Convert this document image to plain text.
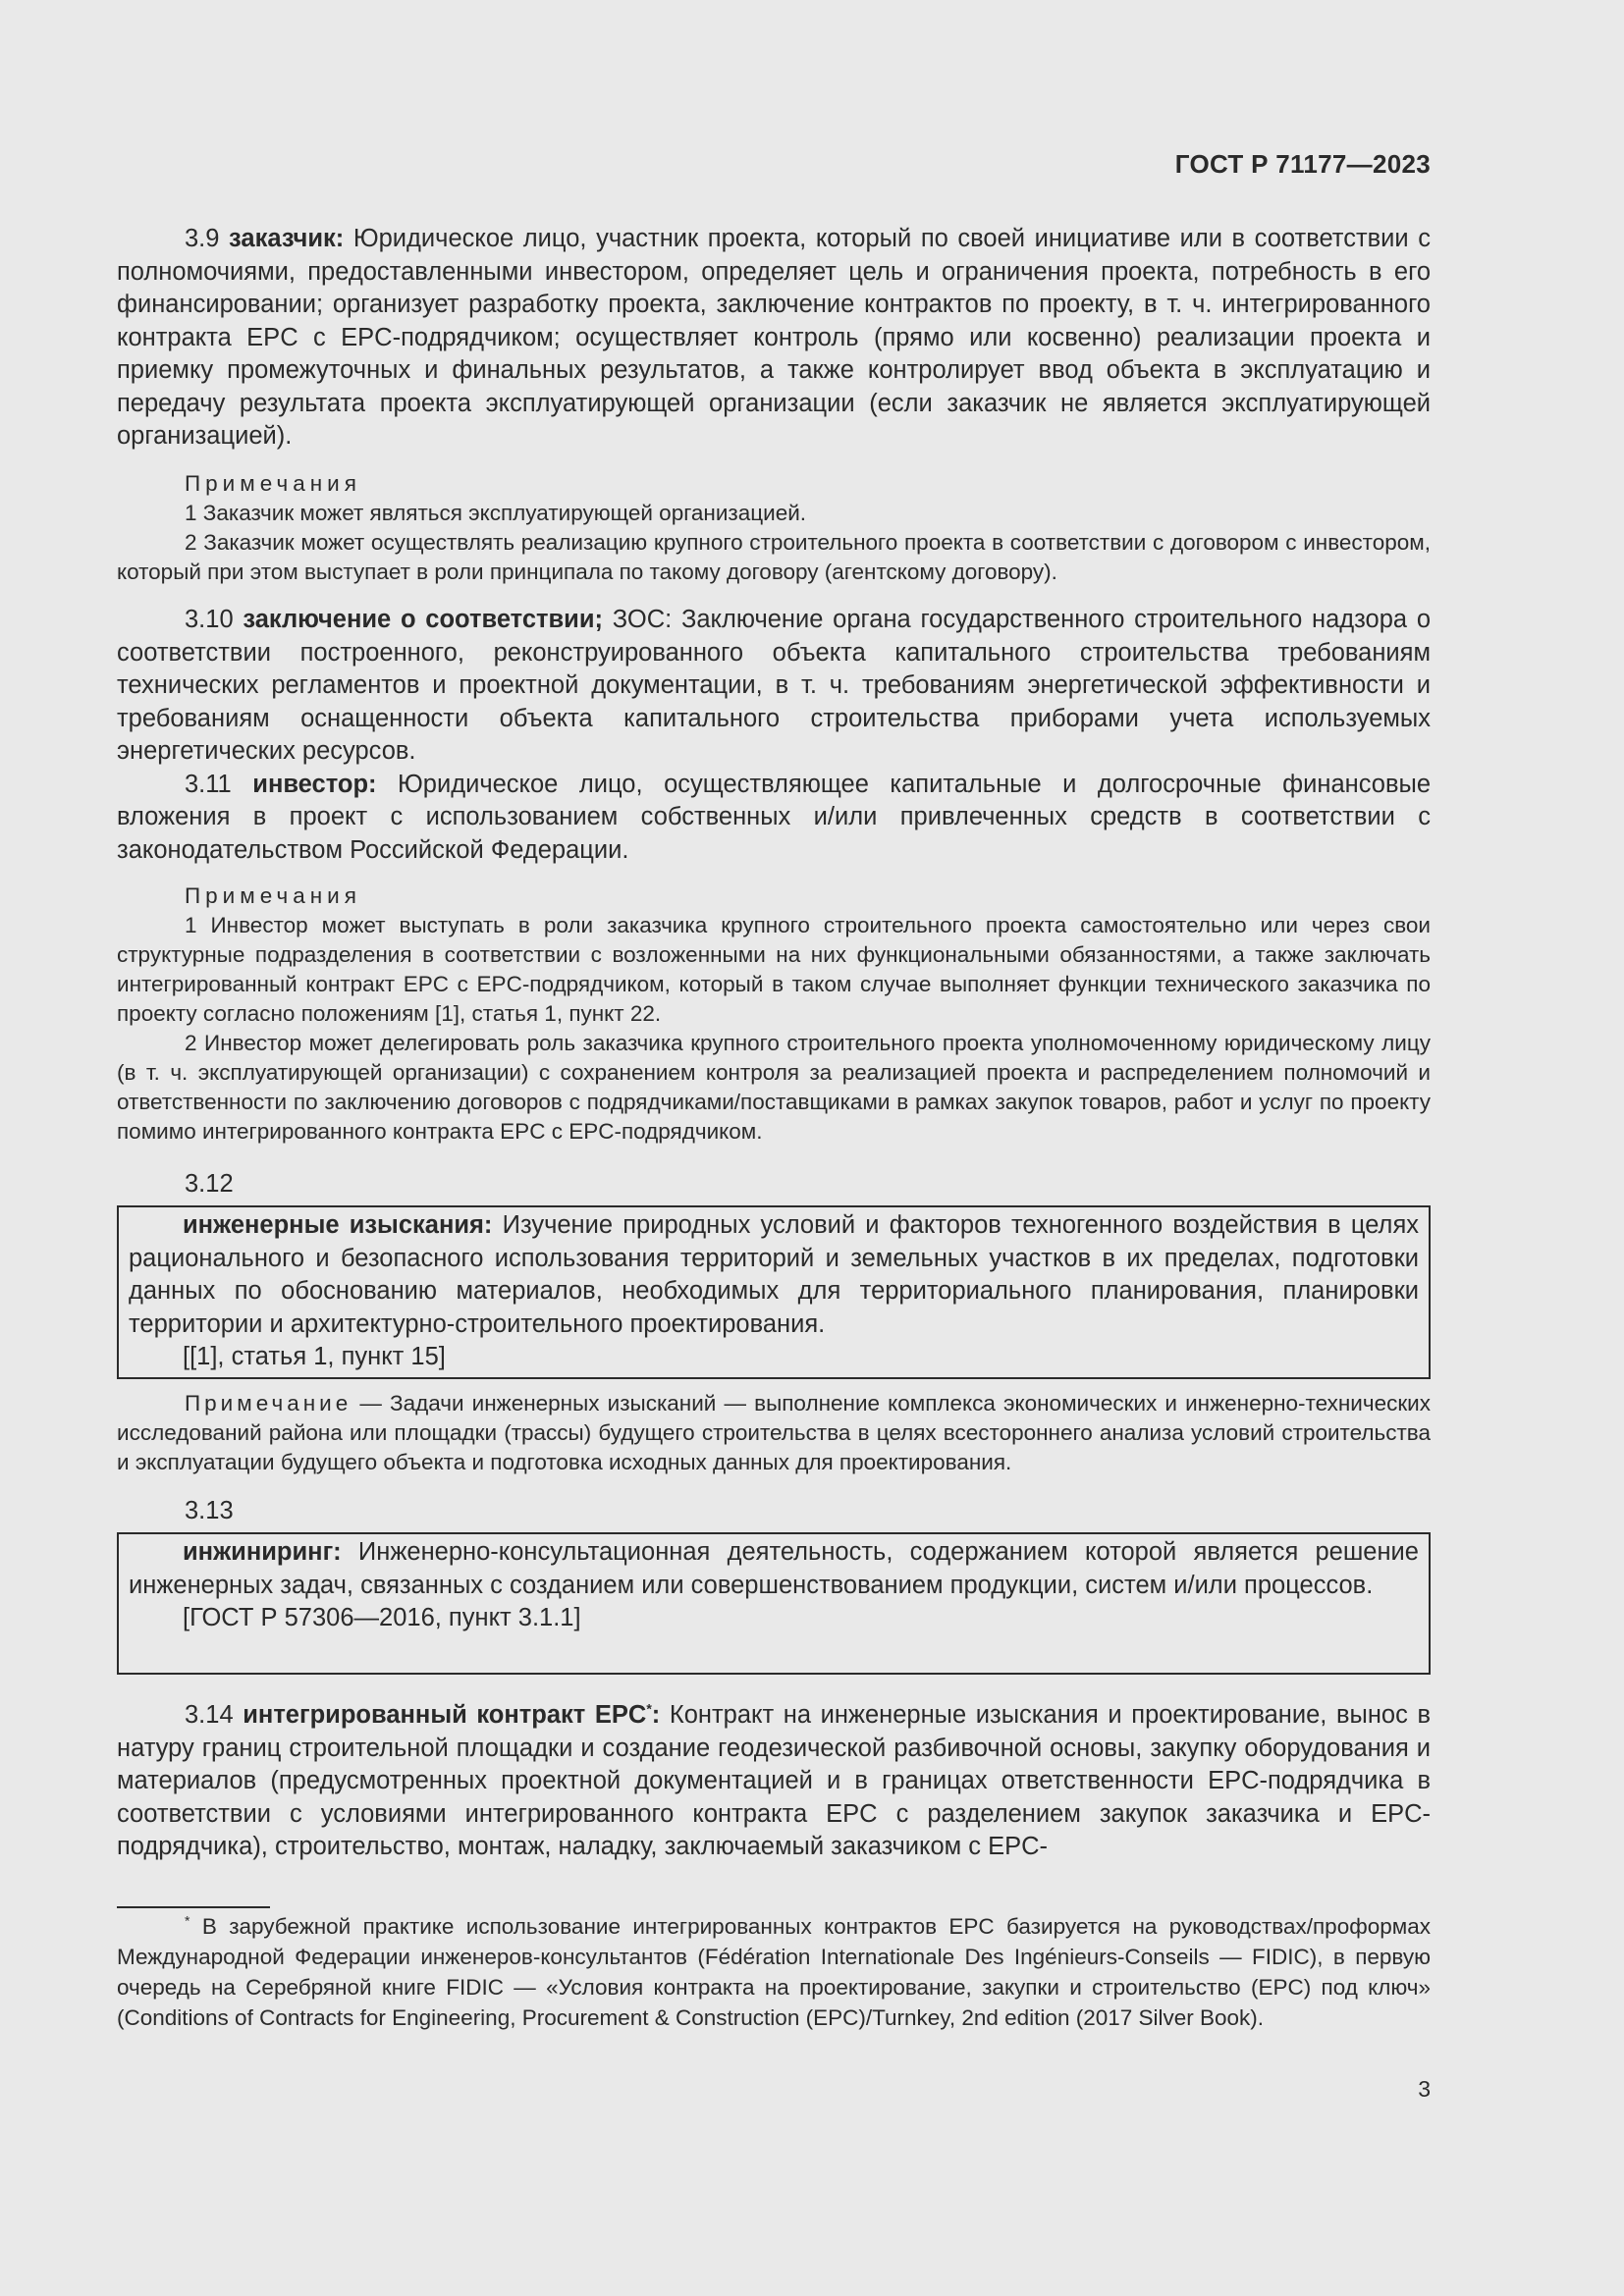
ГОСТ Р 71177—2023

3.9 заказчик: Юридическое лицо, участник проекта, который по своей инициативе или в соответствии с полномочиями, предоставленными инвестором, определяет цель и ограничения проекта, потребность в его финансировании; организует разработку проекта, заключение контрактов по проекту, в т. ч. интегрированного контракта EPC с EPC-подрядчиком; осуществляет контроль (прямо или косвенно) реализации проекта и приемку промежуточных и финальных результатов, а также контролирует ввод объекта в эксплуатацию и передачу результата проекта эксплуатирующей организации (если заказчик не является эксплуатирующей организацией).

Примечания

1 Заказчик может являться эксплуатирующей организацией.

2 Заказчик может осуществлять реализацию крупного строительного проекта в соответствии с договором с инвестором, который при этом выступает в роли принципала по такому договору (агентскому договору).

3.10 заключение о соответствии; ЗОС: Заключение органа государственного строительного надзора о соответствии построенного, реконструированного объекта капитального строительства требованиям технических регламентов и проектной документации, в т. ч. требованиям энергетической эффективности и требованиям оснащенности объекта капитального строительства приборами учета используемых энергетических ресурсов.

3.11 инвестор: Юридическое лицо, осуществляющее капитальные и долгосрочные финансовые вложения в проект с использованием собственных и/или привлеченных средств в соответствии с законодательством Российской Федерации.

Примечания

1 Инвестор может выступать в роли заказчика крупного строительного проекта самостоятельно или через свои структурные подразделения в соответствии с возложенными на них функциональными обязанностями, а также заключать интегрированный контракт EPC с EPC-подрядчиком, который в таком случае выполняет функции технического заказчика по проекту согласно положениям [1], статья 1, пункт 22.

2 Инвестор может делегировать роль заказчика крупного строительного проекта уполномоченному юридическому лицу (в т. ч. эксплуатирующей организации) с сохранением контроля за реализацией проекта и распределением полномочий и ответственности по заключению договоров с подрядчиками/поставщиками в рамках закупок товаров, работ и услуг по проекту помимо интегрированного контракта EPC с EPC-подрядчиком.

3.12

инженерные изыскания: Изучение природных условий и факторов техногенного воздействия в целях рационального и безопасного использования территорий и земельных участков в их пределах, подготовки данных по обоснованию материалов, необходимых для территориального планирования, планировки территории и архитектурно-строительного проектирования.

[[1], статья 1, пункт 15]

Примечание — Задачи инженерных изысканий — выполнение комплекса экономических и инженерно-технических исследований района или площадки (трассы) будущего строительства в целях всестороннего анализа условий строительства и эксплуатации будущего объекта и подготовка исходных данных для проектирования.

3.13

инжиниринг: Инженерно-консультационная деятельность, содержанием которой является решение инженерных задач, связанных с созданием или совершенствованием продукции, систем и/или процессов.

[ГОСТ Р 57306—2016, пункт 3.1.1]

3.14 интегрированный контракт EPC*: Контракт на инженерные изыскания и проектирование, вынос в натуру границ строительной площадки и создание геодезической разбивочной основы, закупку оборудования и материалов (предусмотренных проектной документацией и в границах ответственности EPC-подрядчика в соответствии с условиями интегрированного контракта EPC с разделением закупок заказчика и EPC-подрядчика), строительство, монтаж, наладку, заключаемый заказчиком с EPC-

* В зарубежной практике использование интегрированных контрактов EPC базируется на руководствах/проформах Международной Федерации инженеров-консультантов (Fédération Internationale Des Ingénieurs-Conseils — FIDIC), в первую очередь на Серебряной книге FIDIC — «Условия контракта на проектирование, закупки и строительство (EPC) под ключ» (Conditions of Contracts for Engineering, Procurement & Construction (EPC)/Turnkey, 2nd edition (2017 Silver Book).

3
